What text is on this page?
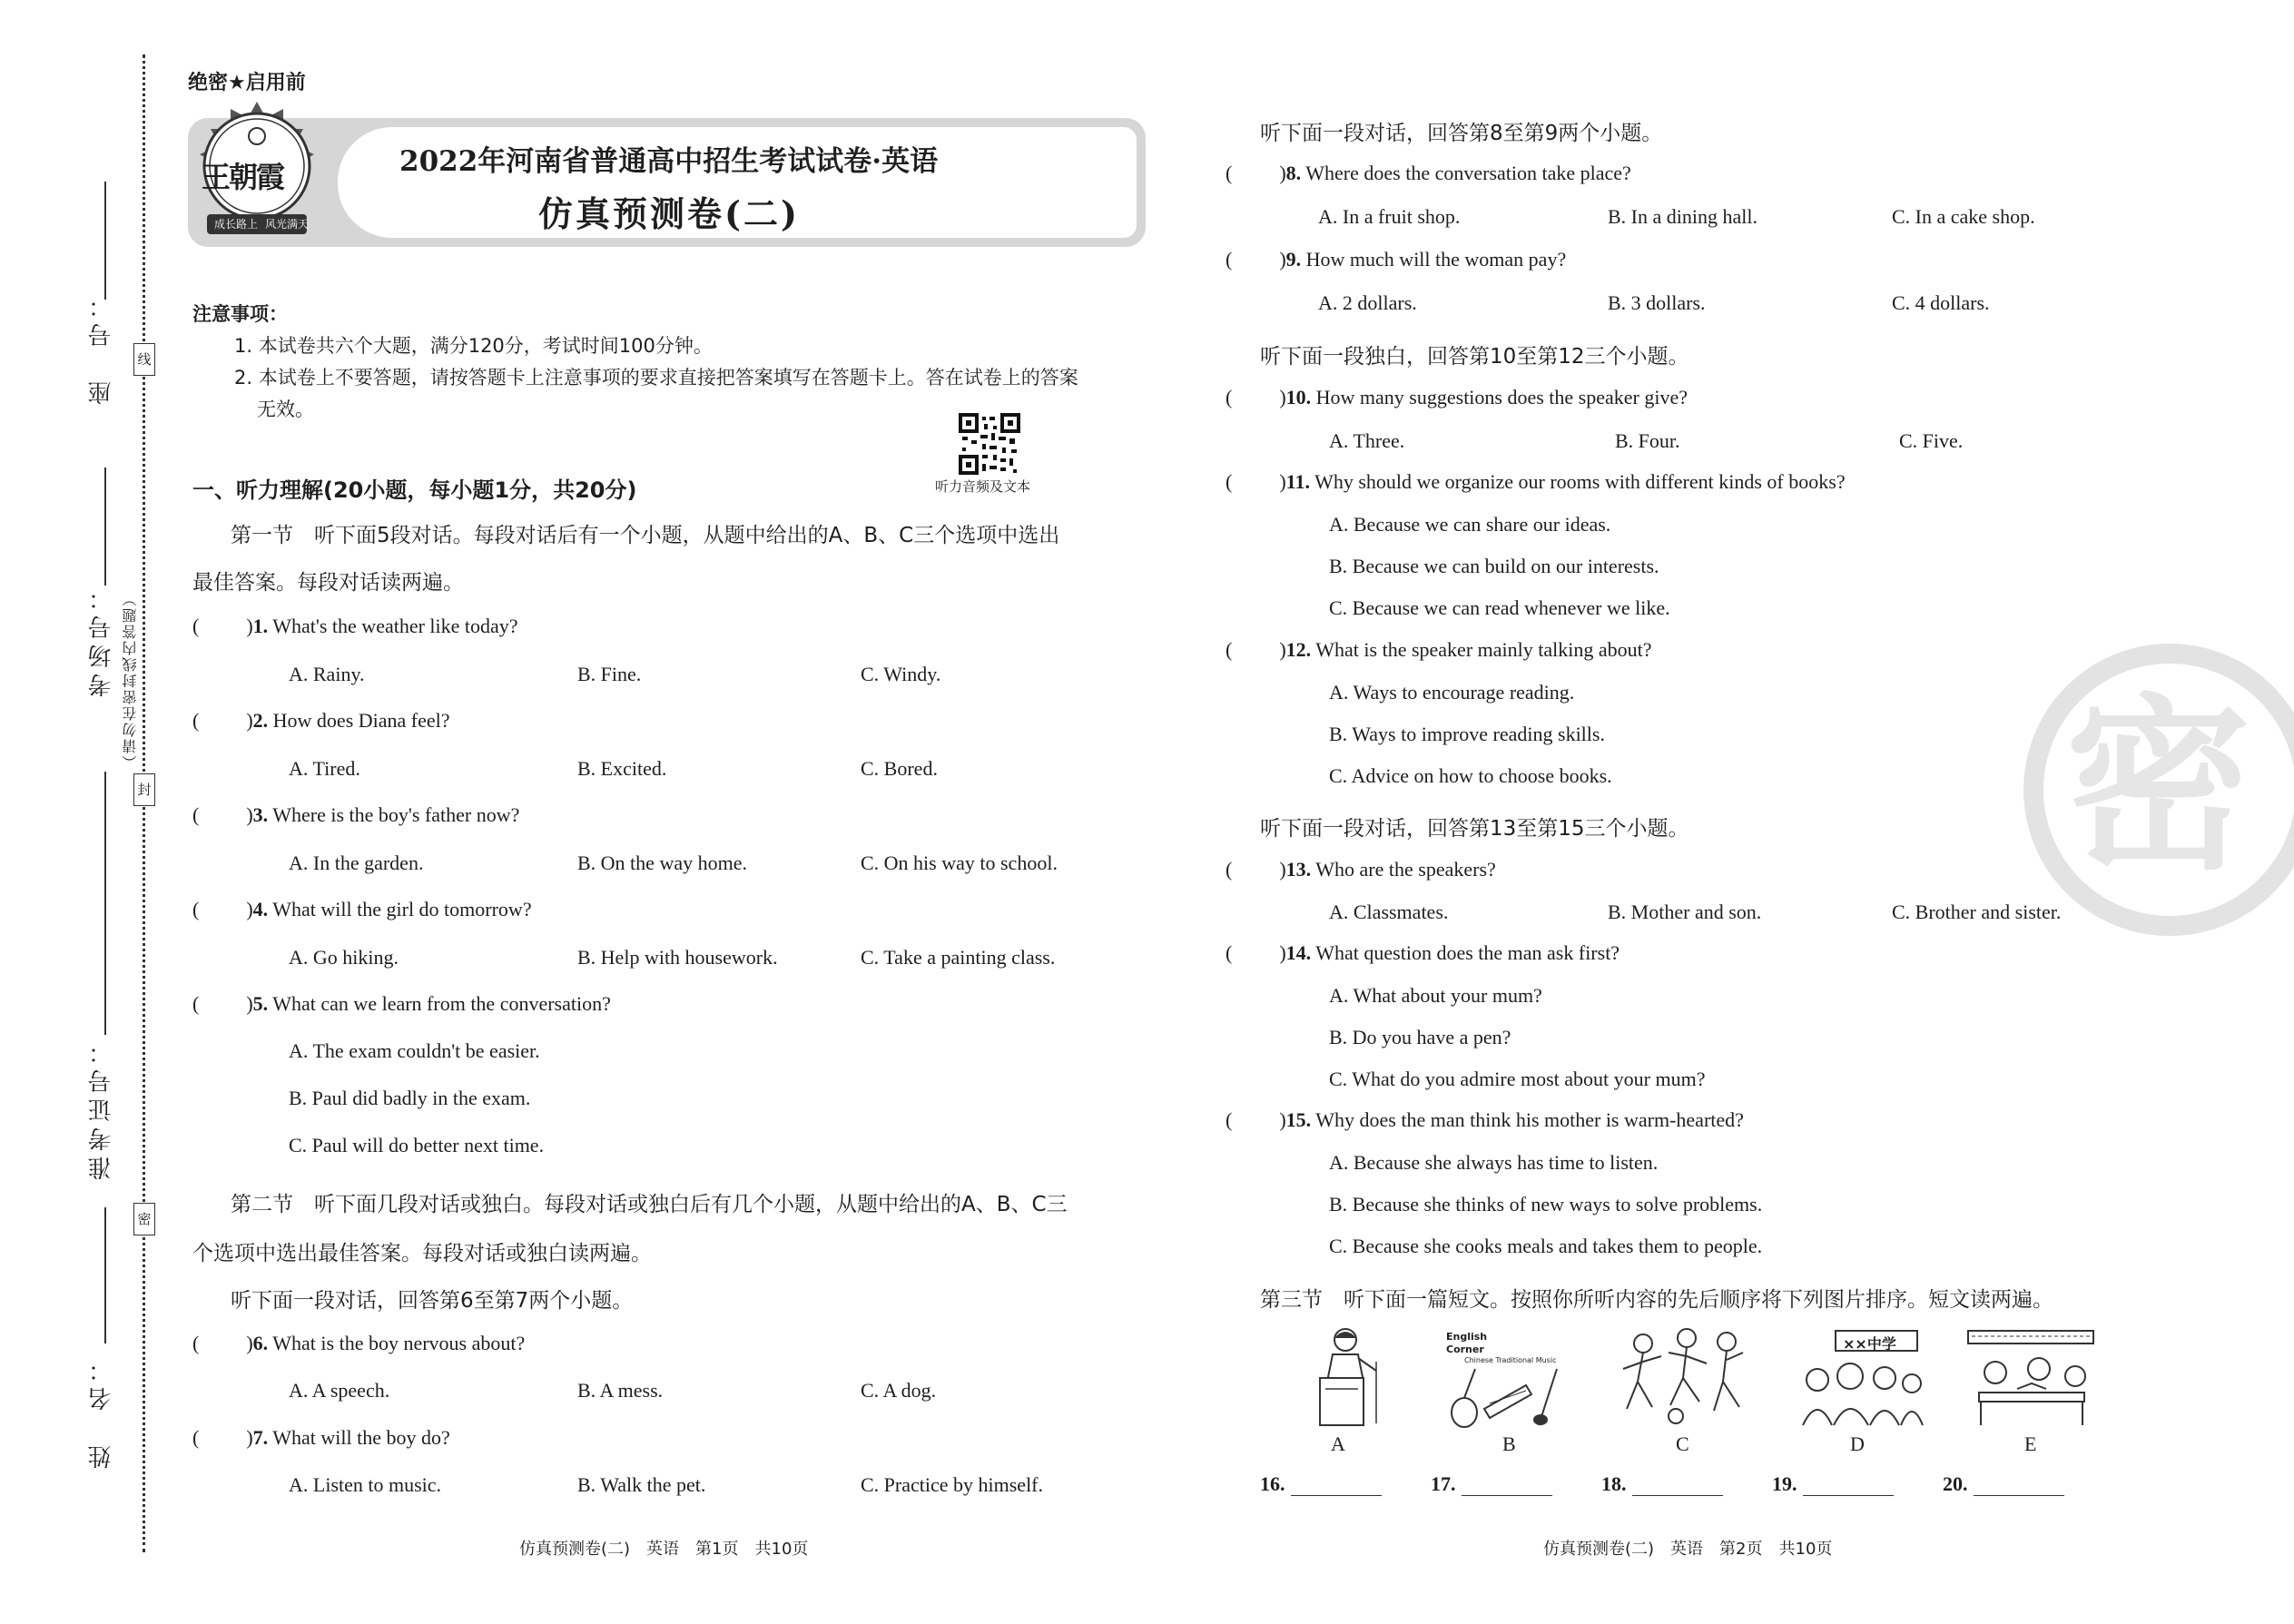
座　号：
考场号：
准考证号：
姓　名：
线
封
密
（请勿在密封线内答题）
绝密★启用前
王朝霞
成长路上 风光满天
2022年河南省普通高中招生考试试卷·英语
仿真预测卷(二)
注意事项：
1. 本试卷共六个大题，满分120分，考试时间100分钟。
2. 本试卷上不要答题，请按答题卡上注意事项的要求直接把答案填写在答题卡上。答在试卷上的答案
无效。
听力音频及文本
一、听力理解(20小题，每小题1分，共20分)
第一节　听下面5段对话。每段对话后有一个小题，从题中给出的A、B、C三个选项中选出
最佳答案。每段对话读两遍。
( )1. What's the weather like today?
A. Rainy.	B. Fine.	C. Windy.
( )2. How does Diana feel?
A. Tired.	B. Excited.	C. Bored.
( )3. Where is the boy's father now?
A. In the garden.	B. On the way home.	C. On his way to school.
( )4. What will the girl do tomorrow?
A. Go hiking.	B. Help with housework.	C. Take a painting class.
( )5. What can we learn from the conversation?
A. The exam couldn't be easier.
B. Paul did badly in the exam.
C. Paul will do better next time.
第二节　听下面几段对话或独白。每段对话或独白后有几个小题，从题中给出的A、B、C三
个选项中选出最佳答案。每段对话或独白读两遍。
听下面一段对话，回答第6至第7两个小题。
( )6. What is the boy nervous about?
A. A speech.	B. A mess.	C. A dog.
( )7. What will the boy do?
A. Listen to music.	B. Walk the pet.	C. Practice by himself.
仿真预测卷(二)　英语　第1页　共10页
密
听下面一段对话，回答第8至第9两个小题。
( )8. Where does the conversation take place?
A. In a fruit shop.	B. In a dining hall.	C. In a cake shop.
( )9. How much will the woman pay?
A. 2 dollars.	B. 3 dollars.	C. 4 dollars.
听下面一段独白，回答第10至第12三个小题。
( )10. How many suggestions does the speaker give?
A. Three.	B. Four.	C. Five.
( )11. Why should we organize our rooms with different kinds of books?
A. Because we can share our ideas.
B. Because we can build on our interests.
C. Because we can read whenever we like.
( )12. What is the speaker mainly talking about?
A. Ways to encourage reading.
B. Ways to improve reading skills.
C. Advice on how to choose books.
听下面一段对话，回答第13至第15三个小题。
( )13. Who are the speakers?
A. Classmates.	B. Mother and son.	C. Brother and sister.
( )14. What question does the man ask first?
A. What about your mum?
B. Do you have a pen?
C. What do you admire most about your mum?
( )15. Why does the man think his mother is warm-hearted?
A. Because she always has time to listen.
B. Because she thinks of new ways to solve problems.
C. Because she cooks meals and takes them to people.
第三节　听下面一篇短文。按照你所听内容的先后顺序将下列图片排序。短文读两遍。
English
Corner
Chinese Traditional Music
××中学
A	B	C	D	E
16.	17.	18.	19.	20.
仿真预测卷(二)　英语　第2页　共10页
